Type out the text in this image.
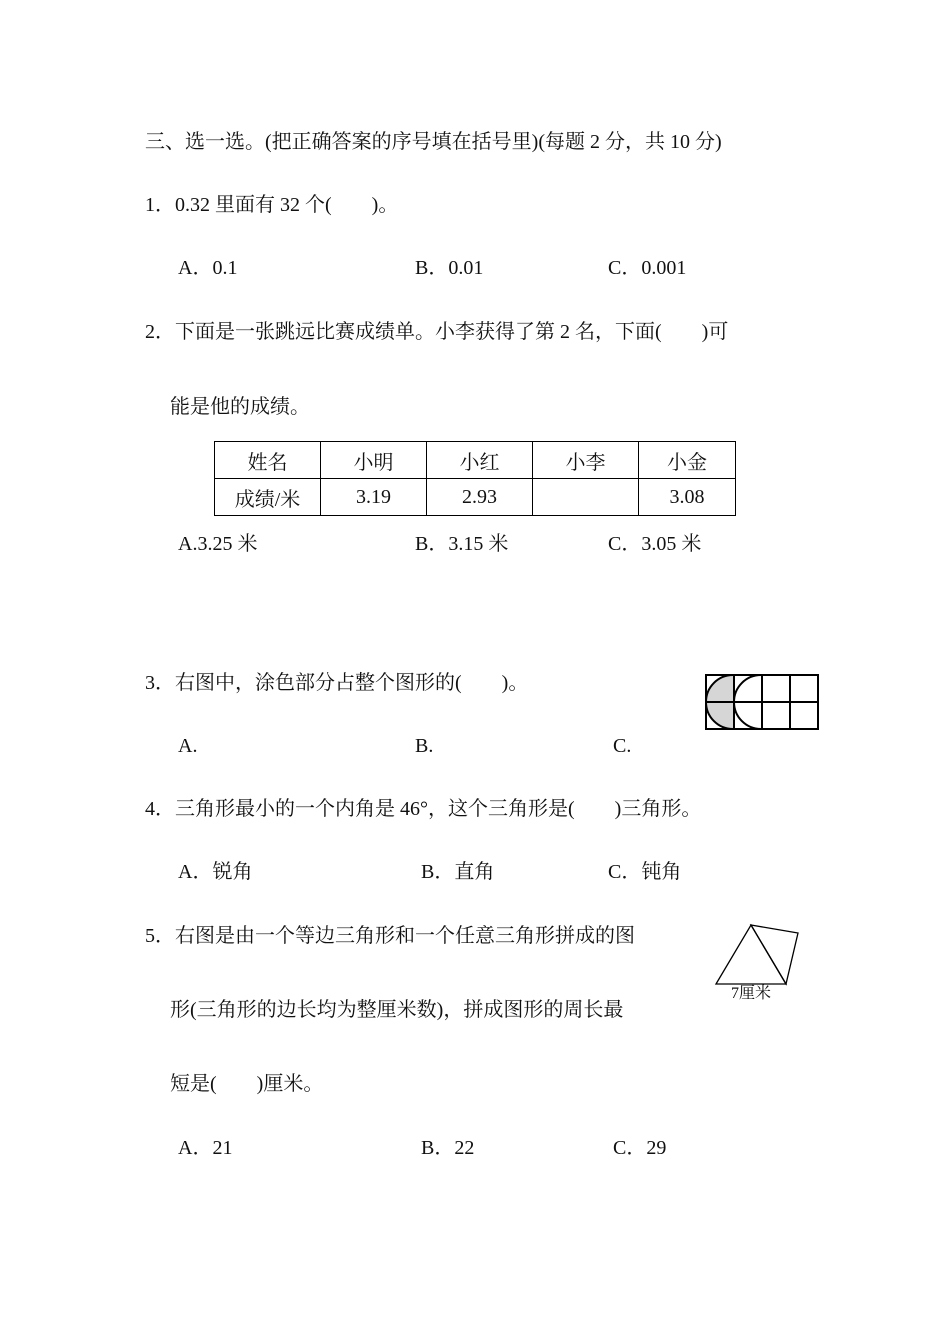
三、选一选。(把正确答案的序号填在括号里)(每题 2 分，共 10 分)
1．0.32 里面有 32 个(　　)。
A．0.1	B．0.01	C．0.001
2．下面是一张跳远比赛成绩单。小李获得了第 2 名，下面(　　)可
能是他的成绩。
姓名	小明	小红	小李	小金
成绩/米	3.19	2.93		3.08
A.3.25 米	B．3.15 米	C．3.05 米
3．右图中，涂色部分占整个图形的(　　)。
A.	B.	C.
4．三角形最小的一个内角是 46°，这个三角形是(　　)三角形。
A．锐角	B．直角	C．钝角
5．右图是由一个等边三角形和一个任意三角形拼成的图
形(三角形的边长均为整厘米数)，拼成图形的周长最
短是(　　)厘米。
7厘米
A．21	B．22	C．29
